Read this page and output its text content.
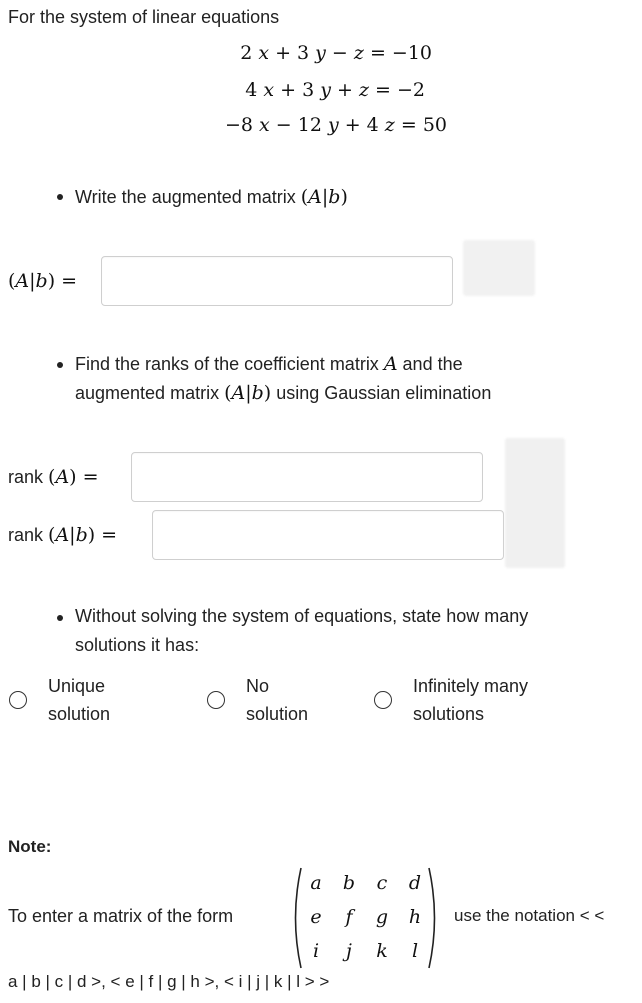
For the system of linear equations
2 𝑥 + 3 𝑦 − 𝑧 = −10
4 𝑥 + 3 𝑦 + 𝑧 = −2
−8 𝑥 − 12 𝑦 + 4 𝑧 = 50
Write the augmented matrix (𝐴|𝑏)
(𝐴|𝑏) =
Find the ranks of the coefficient matrix 𝐴 and the
augmented matrix (𝐴|𝑏) using Gaussian elimination
rank (𝐴) =
rank (𝐴|𝑏) =
Without solving the system of equations, state how many
solutions it has:
Unique
solution
No
solution
Infinitely many
solutions
Note:
To enter a matrix of the form
a	b	c	d
e	f	g	h
i	j	k	l
use the notation < <
a | b | c | d >, < e | f | g | h >, < i | j | k | l > >
